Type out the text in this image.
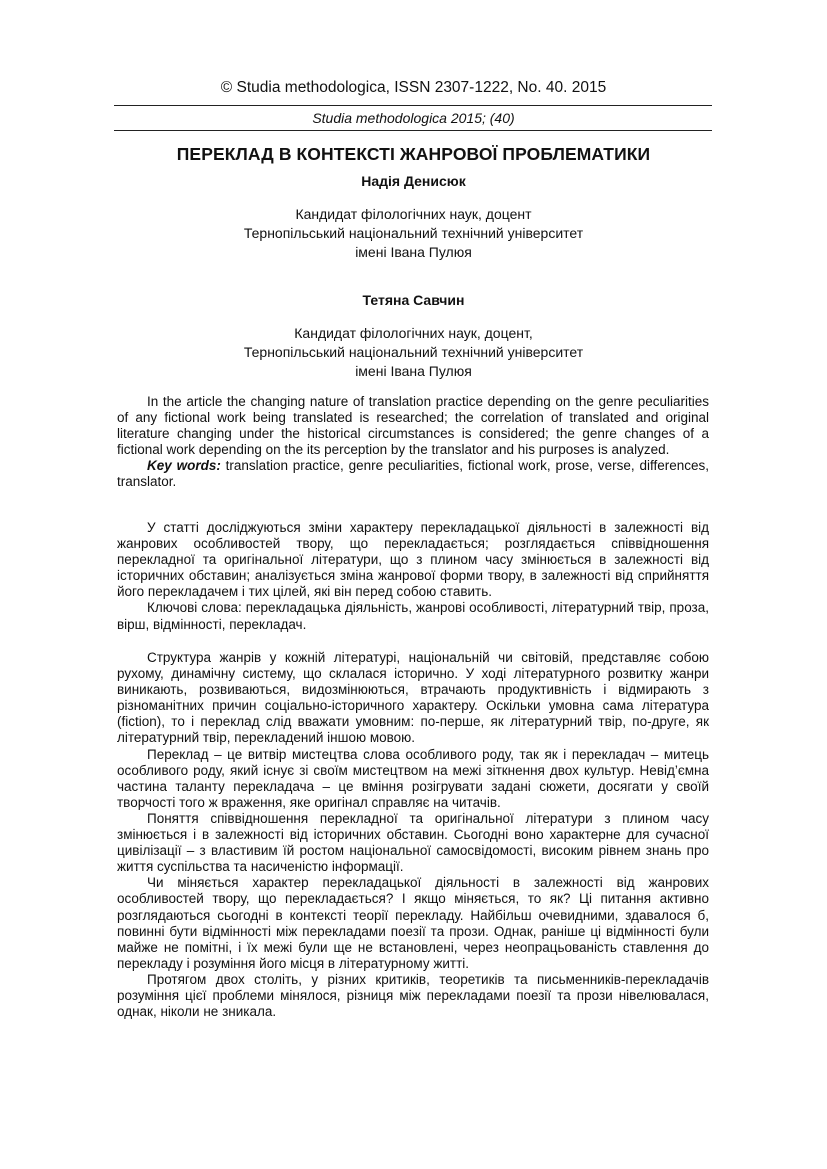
© Studia methodologica, ISSN 2307-1222, No. 40. 2015
Studia methodologica 2015; (40)
ПЕРЕКЛАД В КОНТЕКСТІ ЖАНРОВОЇ ПРОБЛЕМАТИКИ
Надія Денисюк
Кандидат філологічних наук, доцент
Тернопільський національний технічний університет
імені Івана Пулюя
Тетяна Савчин
Кандидат філологічних наук, доцент,
Тернопільський національний технічний університет
імені Івана Пулюя

In the article the changing nature of translation practice depending on the genre peculiarities of any fictional work being translated is researched; the correlation of translated and original literature changing under the historical circumstances is considered; the genre changes of a fictional work depending on the its perception by the translator and his purposes is analyzed.

Key words: translation practice, genre peculiarities, fictional work, prose, verse, differences, translator.

У статті досліджуються зміни характеру перекладацької діяльності в залежності від жанрових особливостей твору, що перекладається; розглядається співвідношення перекладної та оригінальної літератури, що з плином часу змінюється в залежності від історичних обставин; аналізується зміна жанрової форми твору, в залежності від сприйняття його перекладачем і тих цілей, які він перед собою ставить.

Ключові слова: перекладацька діяльність, жанрові особливості, літературний твір, проза, вірш, відмінності, перекладач.

Структура жанрів у кожній літературі, національній чи світовій, представляє собою рухому, динамічну систему, що склалася історично. У ході літературного розвитку жанри виникають, розвиваються, видозмінюються, втрачають продуктивність і відмирають з різноманітних причин соціально-історичного характеру. Оскільки умовна сама література (fiction), то і переклад слід вважати умовним: по-перше, як літературний твір, по-друге, як літературний твір, перекладений іншою мовою.

Переклад – це витвір мистецтва слова особливого роду, так як і перекладач – митець особливого роду, який існує зі своїм мистецтвом на межі зіткнення двох культур. Невід’ємна частина таланту перекладача – це вміння розігрувати задані сюжети, досягати у своїй творчості того ж враження, яке оригінал справляє на читачів.

Поняття співвідношення перекладної та оригінальної літератури з плином часу змінюється і в залежності від історичних обставин. Сьогодні воно характерне для сучасної цивілізації – з властивим їй ростом національної самосвідомості, високим рівнем знань про життя суспільства та насиченістю інформації.

Чи міняється характер перекладацької діяльності в залежності від жанрових особливостей твору, що перекладається? І якщо міняється, то як? Ці питання активно розглядаються сьогодні в контексті теорії перекладу. Найбільш очевидними, здавалося б, повинні бути відмінності між перекладами поезії та прози. Однак, раніше ці відмінності були майже не помітні, і їх межі були ще не встановлені, через неопрацьованість ставлення до перекладу і розуміння його місця в літературному житті.

Протягом двох століть, у різних критиків, теоретиків та письменників-перекладачів розуміння цієї проблеми мінялося, різниця між перекладами поезії та прози нівелювалася, однак, ніколи не зникала.
